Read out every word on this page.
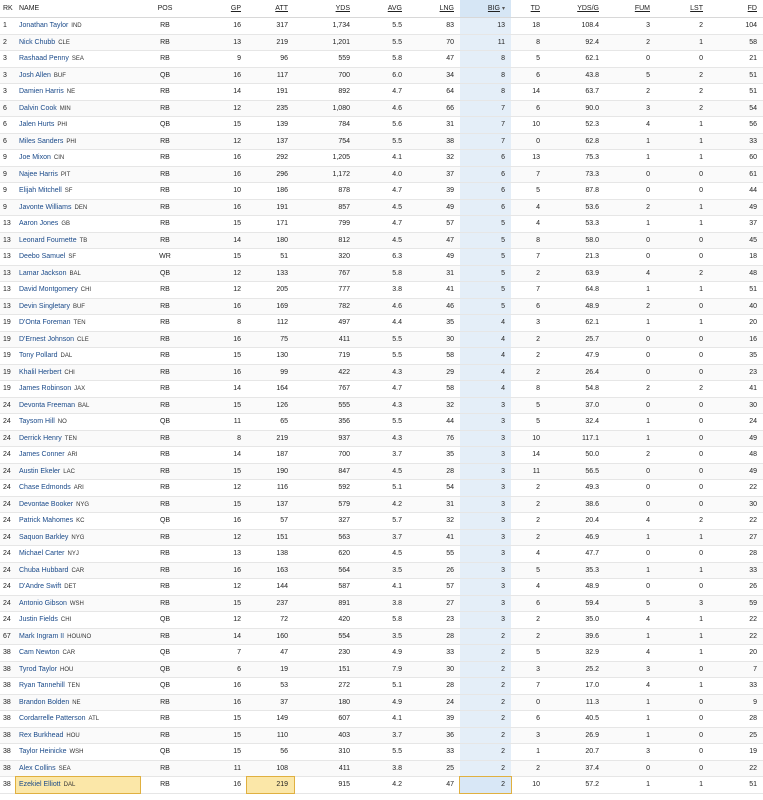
RK	NAME	POS	GP	ATT	YDS	AVG	LNG	BIG ▾	TD	YDS/G	FUM	LST	FD
1	Jonathan Taylor IND	RB	16	317	1,734	5.5	83	13	18	108.4	3	2	104
2	Nick Chubb CLE	RB	13	219	1,201	5.5	70	11	8	92.4	2	1	58
3	Rashaad Penny SEA	RB	9	96	559	5.8	47	8	5	62.1	0	0	21
3	Josh Allen BUF	QB	16	117	700	6.0	34	8	6	43.8	5	2	51
3	Damien Harris NE	RB	14	191	892	4.7	64	8	14	63.7	2	2	51
6	Dalvin Cook MIN	RB	12	235	1,080	4.6	66	7	6	90.0	3	2	54
6	Jalen Hurts PHI	QB	15	139	784	5.6	31	7	10	52.3	4	1	56
6	Miles Sanders PHI	RB	12	137	754	5.5	38	7	0	62.8	1	1	33
9	Joe Mixon CIN	RB	16	292	1,205	4.1	32	6	13	75.3	1	1	60
9	Najee Harris PIT	RB	16	296	1,172	4.0	37	6	7	73.3	0	0	61
9	Elijah Mitchell SF	RB	10	186	878	4.7	39	6	5	87.8	0	0	44
9	Javonte Williams DEN	RB	16	191	857	4.5	49	6	4	53.6	2	1	49
13	Aaron Jones GB	RB	15	171	799	4.7	57	5	4	53.3	1	1	37
13	Leonard Fournette TB	RB	14	180	812	4.5	47	5	8	58.0	0	0	45
13	Deebo Samuel SF	WR	15	51	320	6.3	49	5	7	21.3	0	0	18
13	Lamar Jackson BAL	QB	12	133	767	5.8	31	5	2	63.9	4	2	48
13	David Montgomery CHI	RB	12	205	777	3.8	41	5	7	64.8	1	1	51
13	Devin Singletary BUF	RB	16	169	782	4.6	46	5	6	48.9	2	0	40
19	D'Onta Foreman TEN	RB	8	112	497	4.4	35	4	3	62.1	1	1	20
19	D'Ernest Johnson CLE	RB	16	75	411	5.5	30	4	2	25.7	0	0	16
19	Tony Pollard DAL	RB	15	130	719	5.5	58	4	2	47.9	0	0	35
19	Khalil Herbert CHI	RB	16	99	422	4.3	29	4	2	26.4	0	0	23
19	James Robinson JAX	RB	14	164	767	4.7	58	4	8	54.8	2	2	41
24	Devonta Freeman BAL	RB	15	126	555	4.3	32	3	5	37.0	0	0	30
24	Taysom Hill NO	QB	11	65	356	5.5	44	3	5	32.4	1	0	24
24	Derrick Henry TEN	RB	8	219	937	4.3	76	3	10	117.1	1	0	49
24	James Conner ARI	RB	14	187	700	3.7	35	3	14	50.0	2	0	48
24	Austin Ekeler LAC	RB	15	190	847	4.5	28	3	11	56.5	0	0	49
24	Chase Edmonds ARI	RB	12	116	592	5.1	54	3	2	49.3	0	0	22
24	Devontae Booker NYG	RB	15	137	579	4.2	31	3	2	38.6	0	0	30
24	Patrick Mahomes KC	QB	16	57	327	5.7	32	3	2	20.4	4	2	22
24	Saquon Barkley NYG	RB	12	151	563	3.7	41	3	2	46.9	1	1	27
24	Michael Carter NYJ	RB	13	138	620	4.5	55	3	4	47.7	0	0	28
24	Chuba Hubbard CAR	RB	16	163	564	3.5	26	3	5	35.3	1	1	33
24	D'Andre Swift DET	RB	12	144	587	4.1	57	3	4	48.9	0	0	26
24	Antonio Gibson WSH	RB	15	237	891	3.8	27	3	6	59.4	5	3	59
24	Justin Fields CHI	QB	12	72	420	5.8	23	3	2	35.0	4	1	22
67	Mark Ingram II HOU/NO	RB	14	160	554	3.5	28	2	2	39.6	1	1	22
38	Cam Newton CAR	QB	7	47	230	4.9	33	2	5	32.9	4	1	20
38	Tyrod Taylor HOU	QB	6	19	151	7.9	30	2	3	25.2	3	0	7
38	Ryan Tannehill TEN	QB	16	53	272	5.1	28	2	7	17.0	4	1	33
38	Brandon Bolden NE	RB	16	37	180	4.9	24	2	0	11.3	1	0	9
38	Cordarrelle Patterson ATL	RB	15	149	607	4.1	39	2	6	40.5	1	0	28
38	Rex Burkhead HOU	RB	15	110	403	3.7	36	2	3	26.9	1	0	25
38	Taylor Heinicke WSH	QB	15	56	310	5.5	33	2	1	20.7	3	0	19
38	Alex Collins SEA	RB	11	108	411	3.8	25	2	2	37.4	0	0	22
38	Ezekiel Elliott DAL	RB	16	219	915	4.2	47	2	10	57.2	1	1	51
